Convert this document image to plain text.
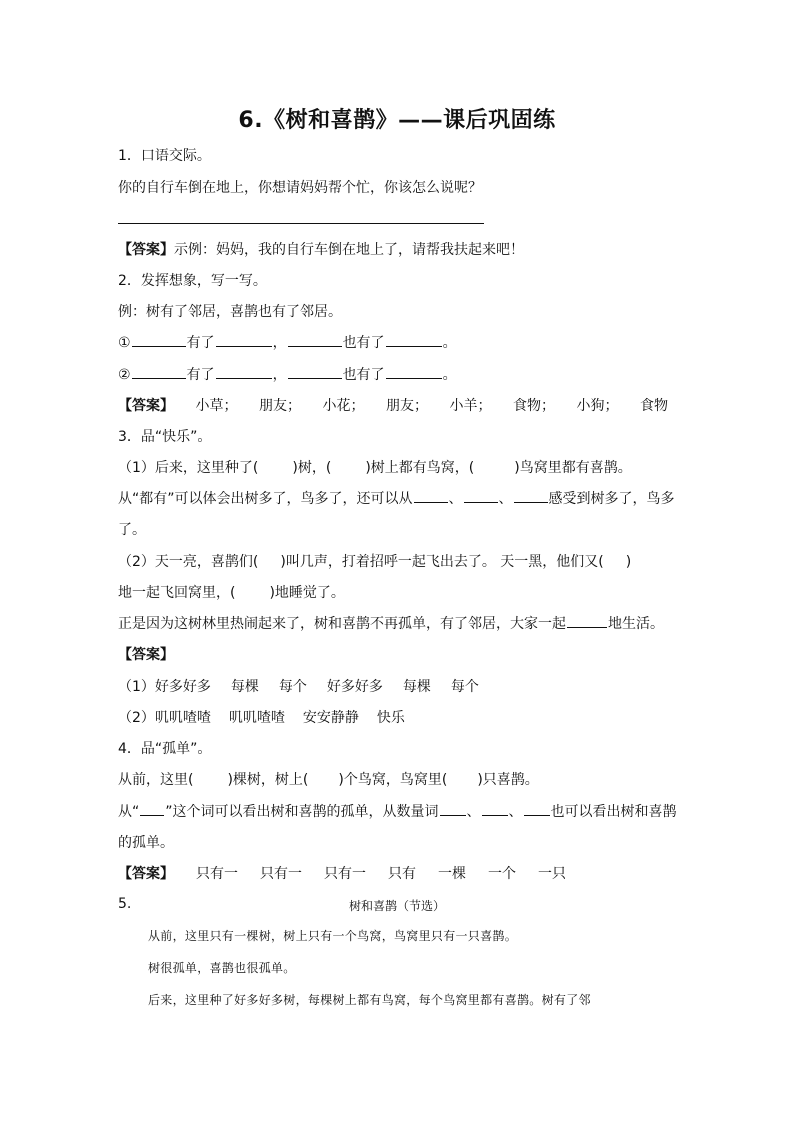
6.《树和喜鹊》——课后巩固练
1．口语交际。
你的自行车倒在地上，你想请妈妈帮个忙，你该怎么说呢？
【答案】示例：妈妈，我的自行车倒在地上了，请帮我扶起来吧！
2．发挥想象，写一写。
例：树有了邻居，喜鹊也有了邻居。
①	有了	，	也有了	。
②	有了	，	也有了	。
【答案】 小草； 朋友； 小花； 朋友； 小羊； 食物； 小狗； 食物
3．品“快乐”。
（1）后来，这里种了( )树，( )树上都有鸟窝，(	)鸟窝里都有喜鹊。
从“都有”可以体会出树多了，鸟多了，还可以从	、	、	感受到树多了，鸟多
了。
（2）天一亮，喜鹊们( )叫几声，打着招呼一起飞出去了。 天一黑，他们又( )
地一起飞回窝里，( )地睡觉了。
正是因为这树林里热闹起来了，树和喜鹊不再孤单，有了邻居，大家一起	地生活。
【答案】
（1）好多好多 每棵 每个 好多好多 每棵 每个
（2）叽叽喳喳 叽叽喳喳 安安静静 快乐
4．品“孤单”。
从前，这里( )棵树，树上( )个鸟窝，鸟窝里( )只喜鹊。
从“ ”这个词可以看出树和喜鹊的孤单，从数量词 、 、 也可以看出树和喜鹊
的孤单。
【答案】 只有一 只有一 只有一 只有 一棵 一个 一只
5.	树和喜鹊（节选）
从前，这里只有一棵树，树上只有一个鸟窝，鸟窝里只有一只喜鹊。
树很孤单，喜鹊也很孤单。
后来，这里种了好多好多树，每棵树上都有鸟窝，每个鸟窝里都有喜鹊。树有了邻
